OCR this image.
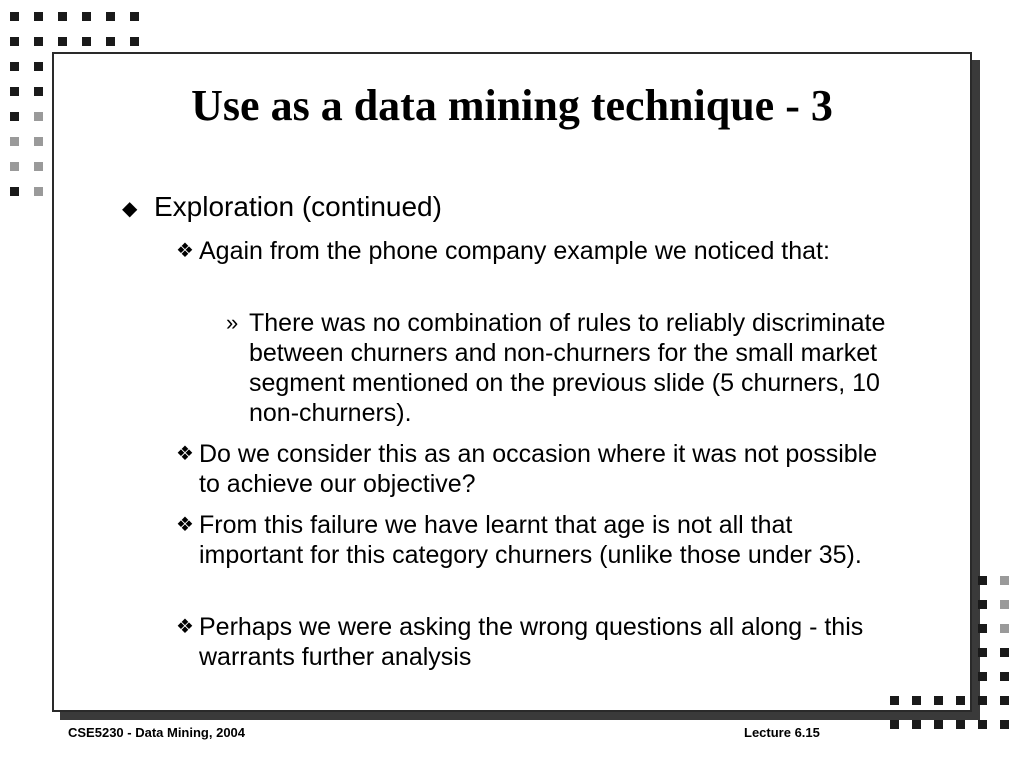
Use as a data mining technique - 3
◆ Exploration (continued)
❖ Again from the phone company example we noticed that:
» There was no combination of rules to reliably discriminate between churners and non-churners for the small market segment mentioned on the previous slide (5 churners, 10 non-churners).
❖ Do we consider this as an occasion where it was not possible to achieve our objective?
❖ From this failure we have learnt that age is not all that important for this category churners (unlike those under 35).
❖ Perhaps we were asking the wrong questions all along - this warrants further analysis
CSE5230 - Data Mining, 2004	Lecture 6.15
